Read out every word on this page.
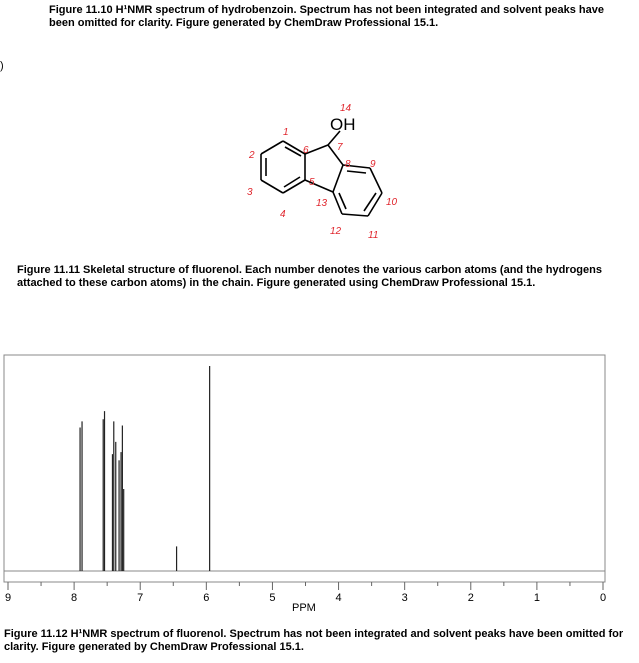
Figure 11.10 H¹NMR spectrum of hydrobenzoin. Spectrum has not been integrated and solvent peaks have been omitted for clarity. Figure generated by ChemDraw Professional 15.1.
)
OH
1
2
3
4
5
6	7
8 9
10
11
12
13
14
Figure 11.11 Skeletal structure of fluorenol. Each number denotes the various carbon atoms (and the hydrogens attached to these carbon atoms) in the chain. Figure generated using ChemDraw Professional 15.1.
9	8	7	6	5	4	3	2	1	0
PPM
Figure 11.12 H¹NMR spectrum of fluorenol. Spectrum has not been integrated and solvent peaks have been omitted for clarity. Figure generated by ChemDraw Professional 15.1.
